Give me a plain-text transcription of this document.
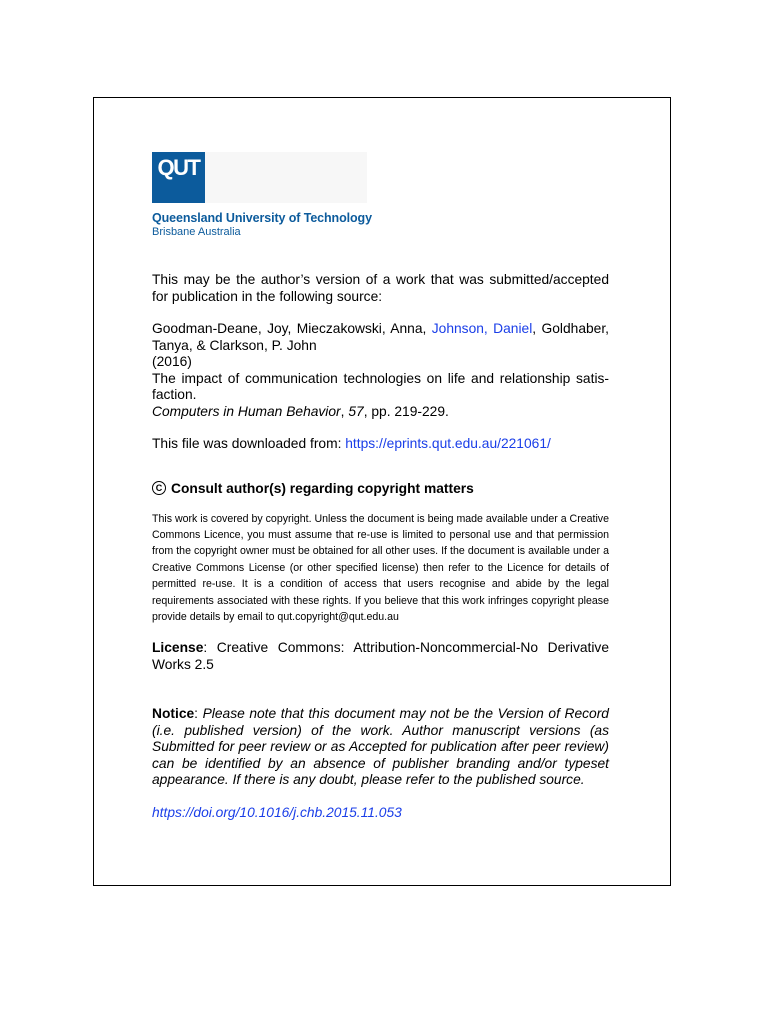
QUT
Queensland University of Technology
Brisbane Australia

This may be the author’s version of a work that was submitted/accepted for publication in the following source:

Goodman-Deane, Joy, Mieczakowski, Anna, Johnson, Daniel, Goldhaber, Tanya, & Clarkson, P. John

(2016)

The impact of communication technologies on life and relationship satis-faction.

Computers in Human Behavior, 57, pp. 219-229.

This file was downloaded from: https://eprints.qut.edu.au/221061/

C Consult author(s) regarding copyright matters

This work is covered by copyright. Unless the document is being made available under a Creative Commons Licence, you must assume that re-use is limited to personal use and that permission from the copyright owner must be obtained for all other uses. If the document is available under a Creative Commons License (or other specified license) then refer to the Licence for details of permitted re-use. It is a condition of access that users recognise and abide by the legal requirements associated with these rights. If you believe that this work infringes copyright please provide details by email to qut.copyright@qut.edu.au

License: Creative Commons: Attribution-Noncommercial-No Derivative Works 2.5

Notice: Please note that this document may not be the Version of Record (i.e. published version) of the work. Author manuscript versions (as Submitted for peer review or as Accepted for publication after peer review) can be identified by an absence of publisher branding and/or typeset appearance. If there is any doubt, please refer to the published source.

https://doi.org/10.1016/j.chb.2015.11.053
